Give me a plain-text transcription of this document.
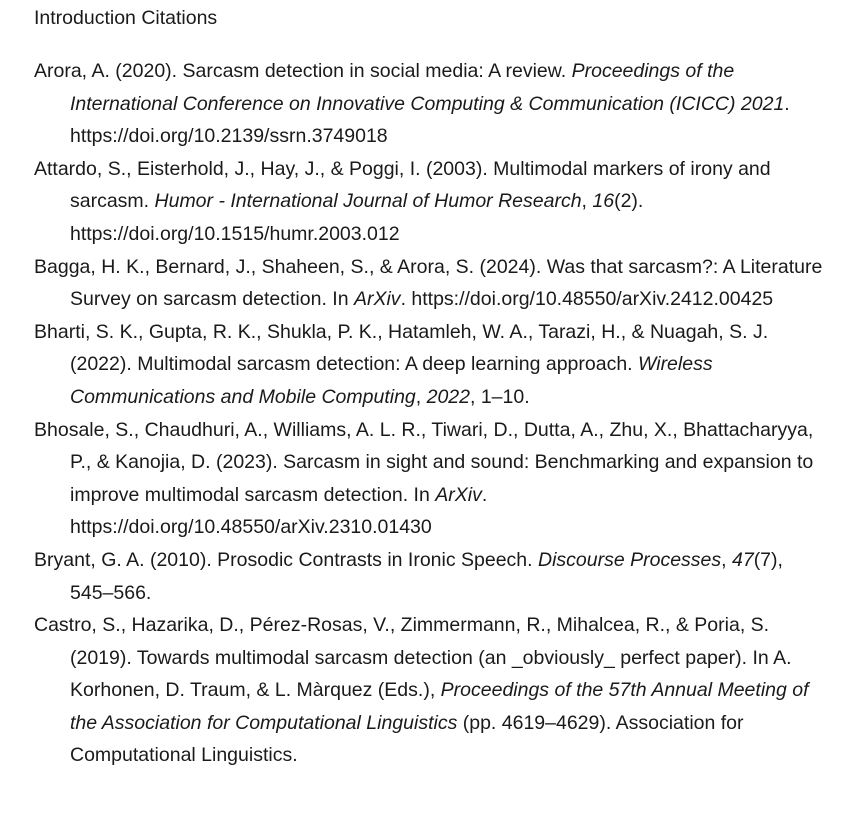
Introduction Citations

Arora, A. (2020). Sarcasm detection in social media: A review. Proceedings of the International Conference on Innovative Computing & Communication (ICICC) 2021. https://doi.org/10.2139/ssrn.3749018

Attardo, S., Eisterhold, J., Hay, J., & Poggi, I. (2003). Multimodal markers of irony and sarcasm. Humor - International Journal of Humor Research, 16(2). https://doi.org/10.1515/humr.2003.012

Bagga, H. K., Bernard, J., Shaheen, S., & Arora, S. (2024). Was that sarcasm?: A Literature Survey on sarcasm detection. In ArXiv. https://doi.org/10.48550/arXiv.2412.00425

Bharti, S. K., Gupta, R. K., Shukla, P. K., Hatamleh, W. A., Tarazi, H., & Nuagah, S. J. (2022). Multimodal sarcasm detection: A deep learning approach. Wireless Communications and Mobile Computing, 2022, 1–10.

Bhosale, S., Chaudhuri, A., Williams, A. L. R., Tiwari, D., Dutta, A., Zhu, X., Bhattacharyya, P., & Kanojia, D. (2023). Sarcasm in sight and sound: Benchmarking and expansion to improve multimodal sarcasm detection. In ArXiv. https://doi.org/10.48550/arXiv.2310.01430

Bryant, G. A. (2010). Prosodic Contrasts in Ironic Speech. Discourse Processes, 47(7), 545–566.

Castro, S., Hazarika, D., Pérez-Rosas, V., Zimmermann, R., Mihalcea, R., & Poria, S. (2019). Towards multimodal sarcasm detection (an _obviously_ perfect paper). In A. Korhonen, D. Traum, & L. Màrquez (Eds.), Proceedings of the 57th Annual Meeting of the Association for Computational Linguistics (pp. 4619–4629). Association for Computational Linguistics.
